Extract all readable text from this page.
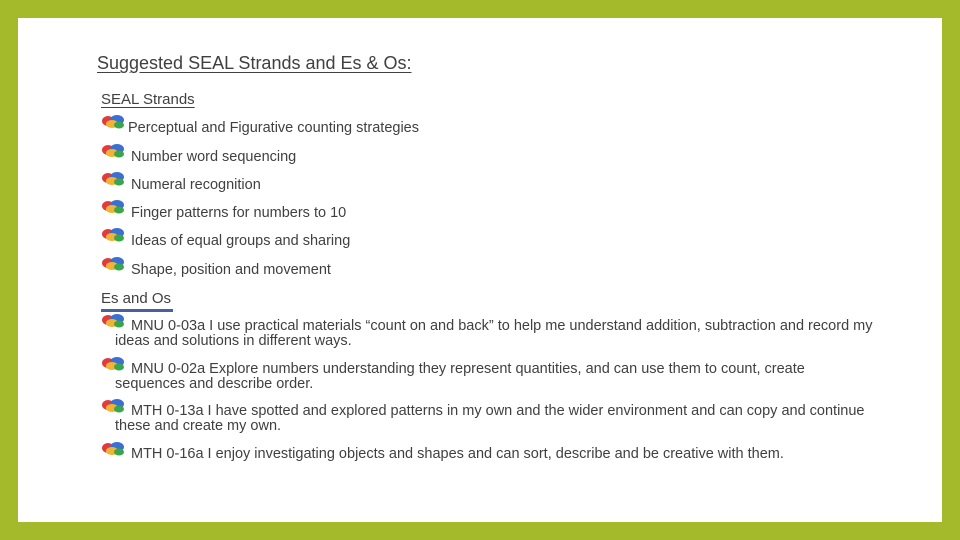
Suggested SEAL Strands and Es & Os:
SEAL Strands
Perceptual and Figurative counting strategies
Number word sequencing
Numeral recognition
Finger patterns for numbers to 10
Ideas of equal groups and sharing
Shape, position and movement
Es and Os
MNU 0-03a I use practical materials “count on and back” to help me understand addition, subtraction and record my ideas and solutions in different ways.
MNU 0-02a Explore numbers understanding they represent quantities, and can use them to count, create sequences and describe order.
MTH 0-13a I have spotted and explored patterns in my own and the wider environment and can copy and continue these and create my own.
MTH 0-16a I enjoy investigating objects and shapes and can sort, describe and be creative with them.
